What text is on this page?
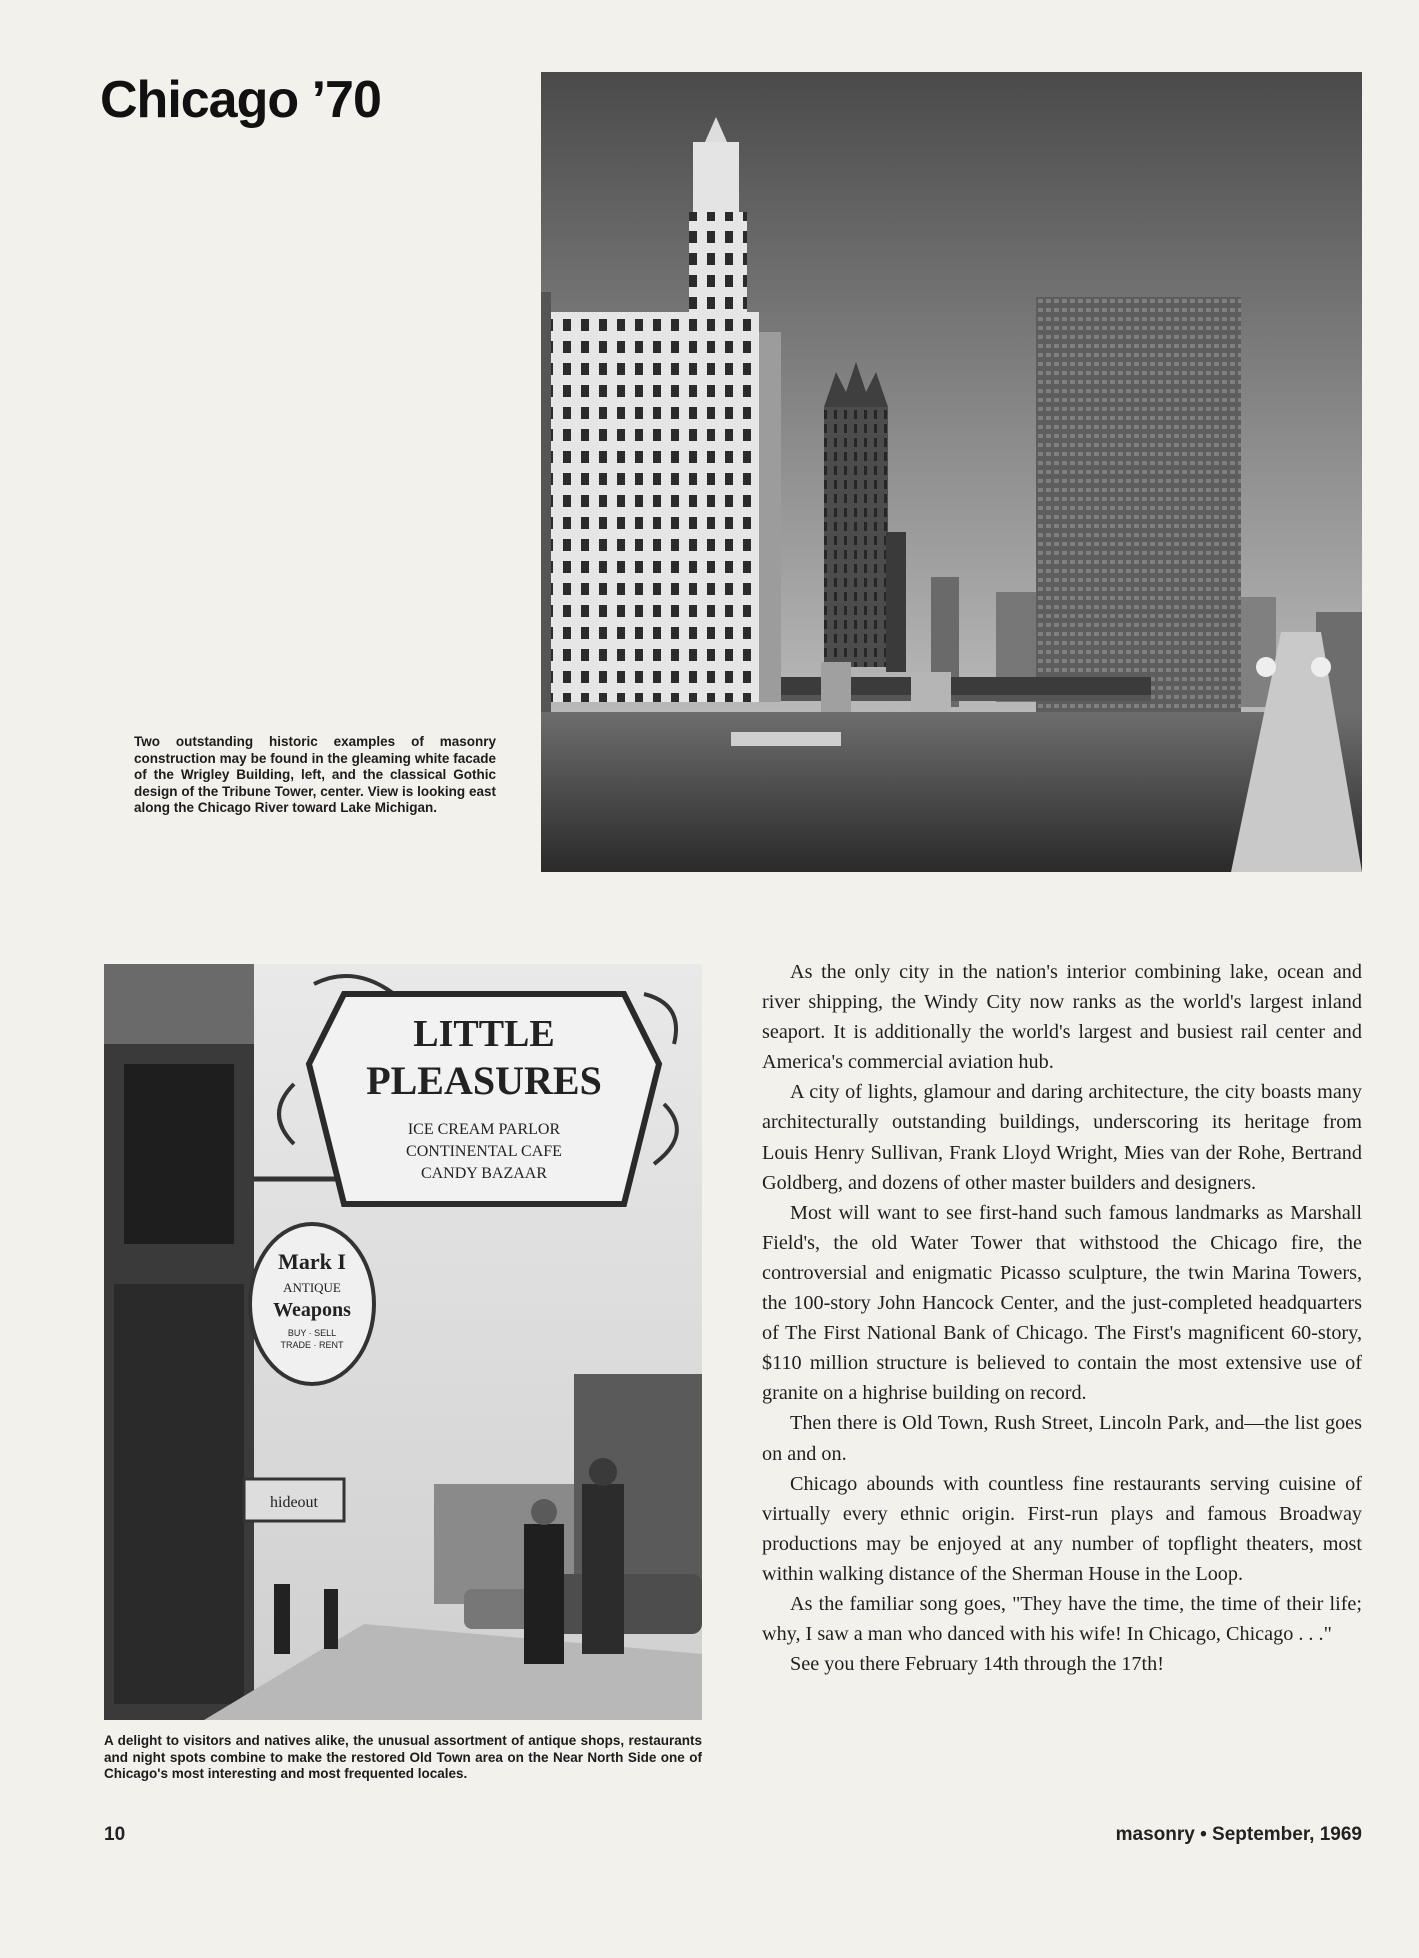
Chicago ’70

Two outstanding historic examples of masonry construction may be found in the gleaming white facade of the Wrigley Building, left, and the classical Gothic design of the Tribune Tower, center. View is looking east along the Chicago River toward Lake Michigan.

LITTLE
PLEASURES
ICE CREAM PARLOR
CONTINENTAL CAFE
CANDY BAZAAR
Mark I
ANTIQUE
Weapons
BUY · SELL
TRADE · RENT
hideout

A delight to visitors and natives alike, the unusual assortment of antique shops, restaurants and night spots combine to make the restored Old Town area on the Near North Side one of Chicago's most interesting and most frequented locales.

As the only city in the nation's interior combining lake, ocean and river shipping, the Windy City now ranks as the world's largest inland seaport. It is additionally the world's largest and busiest rail center and America's commercial aviation hub.

A city of lights, glamour and daring architecture, the city boasts many architecturally outstanding buildings, underscoring its heritage from Louis Henry Sullivan, Frank Lloyd Wright, Mies van der Rohe, Bertrand Goldberg, and dozens of other master builders and designers.

Most will want to see first-hand such famous landmarks as Marshall Field's, the old Water Tower that withstood the Chicago fire, the controversial and enigmatic Picasso sculpture, the twin Marina Towers, the 100-story John Hancock Center, and the just-completed headquarters of The First National Bank of Chicago. The First's magnificent 60-story, $110 million structure is believed to contain the most extensive use of granite on a highrise building on record.

Then there is Old Town, Rush Street, Lincoln Park, and—the list goes on and on.

Chicago abounds with countless fine restaurants serving cuisine of virtually every ethnic origin. First-run plays and famous Broadway productions may be enjoyed at any number of topflight theaters, most within walking distance of the Sherman House in the Loop.

As the familiar song goes, "They have the time, the time of their life; why, I saw a man who danced with his wife! In Chicago, Chicago . . ."

See you there February 14th through the 17th!

10	masonry • September, 1969
